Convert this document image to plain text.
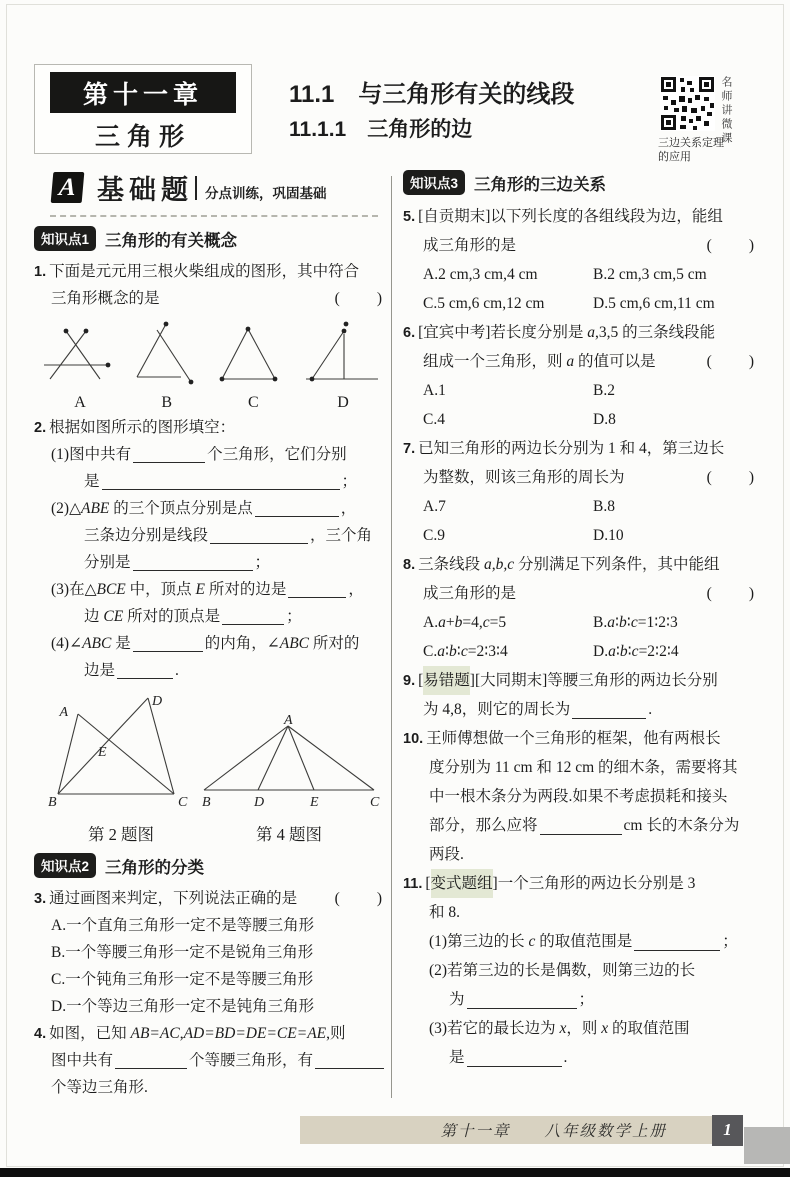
第十一章
三角形
11.1　与三角形有关的线段
11.1.1　三角形的边	名师讲微课
三边关系定理
的应用
A 基础题 分点训练，巩固基础
知识点1 三角形的有关概念
1. 下面是元元用三根火柴组成的图形，其中符合
三角形概念的是	(　　)
A	B	C	D
2. 根据如图所示的图形填空：
(1)图中共有	个三角形，它们分别
是	；
(2) △ABE 的三个顶点分别是点	，
三条边分别是线段	，三个角
分别是	；
(3)在 △BCE 中，顶点 E 所对的边是	，
边 CE 所对的顶点是	；
(4) ∠ABC 是	的内角， ∠ABC 所对的
边是	.
A
D
E
B	C
第 2 题图
A
B	D	E	C
第 4 题图
知识点2 三角形的分类
3. 通过画图来判定，下列说法正确的是 (　　)
A.一个直角三角形一定不是等腰三角形
B.一个等腰三角形一定不是锐角三角形
C.一个钝角三角形一定不是等腰三角形
D.一个等边三角形一定不是钝角三角形
4. 如图，已知 AB=AC , AD=BD=DE=CE=AE ,则
图中共有	个等腰三角形，有
个等边三角形.
知识点3 三角形的三边关系
5. [自贡期末]以下列长度的各组线段为边，能组
成三角形的是	(　　)
A.2 cm,3 cm,4 cm	B.2 cm,3 cm,5 cm
C.5 cm,6 cm,12 cm	D.5 cm,6 cm,11 cm
6. [宜宾中考]若长度分别是 a ,3,5 的三条线段能
组成一个三角形，则 a 的值可以是	(　　)
A.1	B.2
C.4	D.8
7. 已知三角形的两边长分别为 1 和 4，第三边长
为整数，则该三角形的周长为	(　　)
A.7	B.8
C.9	D.10
8. 三条线段 a,b,c 分别满足下列条件，其中能组
成三角形的是	(　　)
A. a + b =4, c =5	B. a ∶ b ∶ c =1∶2∶3
C. a ∶ b ∶ c =2∶3∶4	D. a ∶ b ∶ c =2∶2∶4
9. [ 易错题 ][大同期末]等腰三角形的两边长分别
为 4,8，则它的周长为	.
10. 王师傅想做一个三角形的框架，他有两根长
度分别为 11 cm 和 12 cm 的细木条，需要将其
中一根木条分为两段.如果不考虑损耗和接头
部分，那么应将	cm 长的木条分为
两段.
11. [ 变式题组 ]一个三角形的两边长分别是 3
和 8.
(1)第三边的长 c 的取值范围是	；
(2)若第三边的长是偶数，则第三边的长
为	；
(3)若它的最长边为 x ，则 x 的取值范围
是	.
第十一章 八年级数学上册	1
